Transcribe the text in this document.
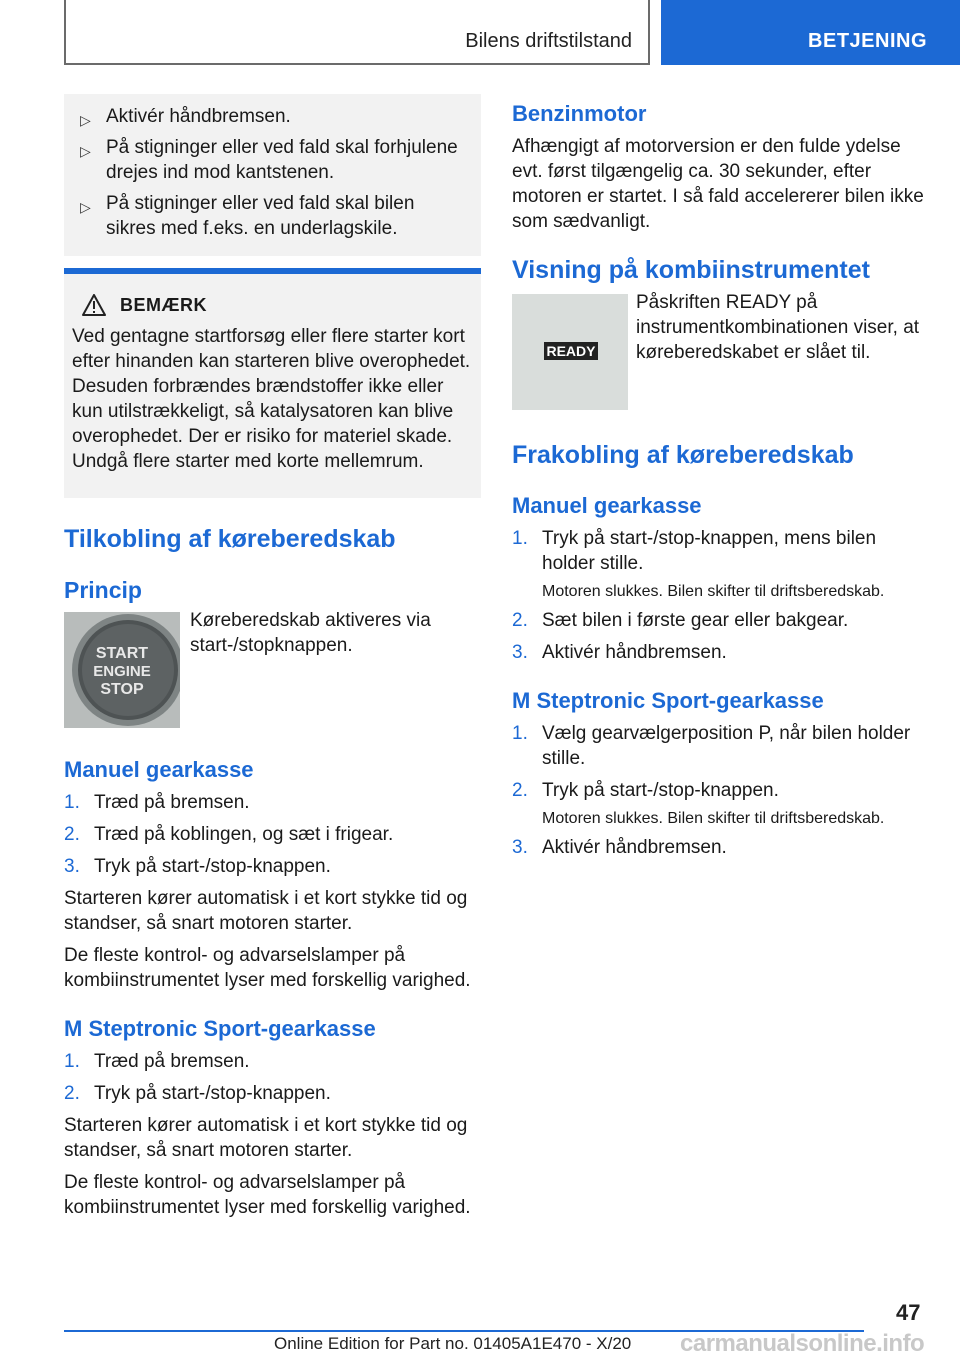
Bilens driftstilstand	BETJENING
▷ Aktivér håndbremsen.
▷ På stigninger eller ved fald skal forhjulene drejes ind mod kantstenen.
▷ På stigninger eller ved fald skal bilen sikres med f.eks. en underlagskile.
BEMÆRK

Ved gentagne startforsøg eller flere starter kort efter hinanden kan starteren blive overophedet. Desuden forbrændes brændstoffer ikke eller kun utilstrækkeligt, så katalysatoren kan blive overophedet. Der er risiko for materiel skade. Undgå flere starter med korte mellemrum.

Tilkobling af køreberedskab
Princip
START
ENGINE
STOP

Køreberedskab aktiveres via start-/stopknappen.

Manuel gearkasse
1. Træd på bremsen.
2. Træd på koblingen, og sæt i frigear.
3. Tryk på start-/stop-knappen.

Starteren kører automatisk i et kort stykke tid og standser, så snart motoren starter.

De fleste kontrol- og advarselslamper på kombiinstrumentet lyser med forskellig varighed.

M Steptronic Sport-gearkasse
1. Træd på bremsen.
2. Tryk på start-/stop-knappen.

Starteren kører automatisk i et kort stykke tid og standser, så snart motoren starter.

De fleste kontrol- og advarselslamper på kombiinstrumentet lyser med forskellig varighed.

Benzinmotor

Afhængigt af motorversion er den fulde ydelse evt. først tilgængelig ca. 30 sekunder, efter motoren er startet. I så fald accelererer bilen ikke som sædvanligt.

Visning på kombiinstrumentet
READY

Påskriften READY på instrumentkombinationen viser, at køreberedskabet er slået til.

Frakobling af køreberedskab
Manuel gearkasse
1. Tryk på start-/stop-knappen, mens bilen holder stille.
Motoren slukkes. Bilen skifter til driftsberedskab.
2. Sæt bilen i første gear eller bakgear.
3. Aktivér håndbremsen.
M Steptronic Sport-gearkasse
1. Vælg gearvælgerposition P, når bilen holder stille.
2. Tryk på start-/stop-knappen.
Motoren slukkes. Bilen skifter til driftsberedskab.
3. Aktivér håndbremsen.
47
Online Edition for Part no. 01405A1E470 - X/20 carmanualsonline.info
